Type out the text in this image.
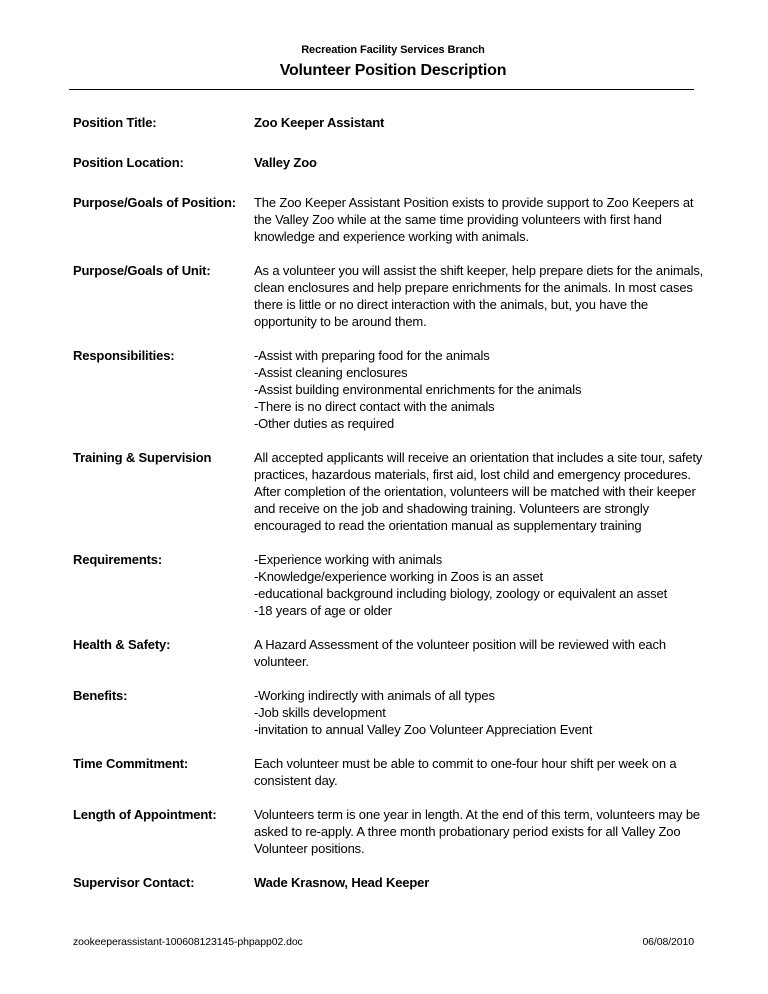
Recreation Facility Services Branch
Volunteer Position Description
Position Title:	Zoo Keeper Assistant
Position Location:	Valley Zoo
Purpose/Goals of Position:	The Zoo Keeper Assistant Position exists to provide support to Zoo Keepers at
the Valley Zoo while at the same time providing volunteers with first hand
knowledge and experience working with animals.
Purpose/Goals of Unit:	As a volunteer you will assist the shift keeper, help prepare diets for the animals,
clean enclosures and help prepare enrichments for the animals. In most cases
there is little or no direct interaction with the animals, but, you have the
opportunity to be around them.
Responsibilities:	-Assist with preparing food for the animals
-Assist cleaning enclosures
-Assist building environmental enrichments for the animals
-There is no direct contact with the animals
-Other duties as required
Training & Supervision	All accepted applicants will receive an orientation that includes a site tour, safety
practices, hazardous materials, first aid, lost child and emergency procedures.
After completion of the orientation, volunteers will be matched with their keeper
and receive on the job and shadowing training. Volunteers are strongly
encouraged to read the orientation manual as supplementary training
Requirements:	-Experience working with animals
-Knowledge/experience working in Zoos is an asset
-educational background including biology, zoology or equivalent an asset
-18 years of age or older
Health & Safety:	A Hazard Assessment of the volunteer position will be reviewed with each
volunteer.
Benefits:	-Working indirectly with animals of all types
-Job skills development
-invitation to annual Valley Zoo Volunteer Appreciation Event
Time Commitment:	Each volunteer must be able to commit to one-four hour shift per week on a
consistent day.
Length of Appointment:	Volunteers term is one year in length. At the end of this term, volunteers may be
asked to re-apply. A three month probationary period exists for all Valley Zoo
Volunteer positions.
Supervisor Contact:	Wade Krasnow, Head Keeper
zookeeperassistant-100608123145-phpapp02.doc	06/08/2010
